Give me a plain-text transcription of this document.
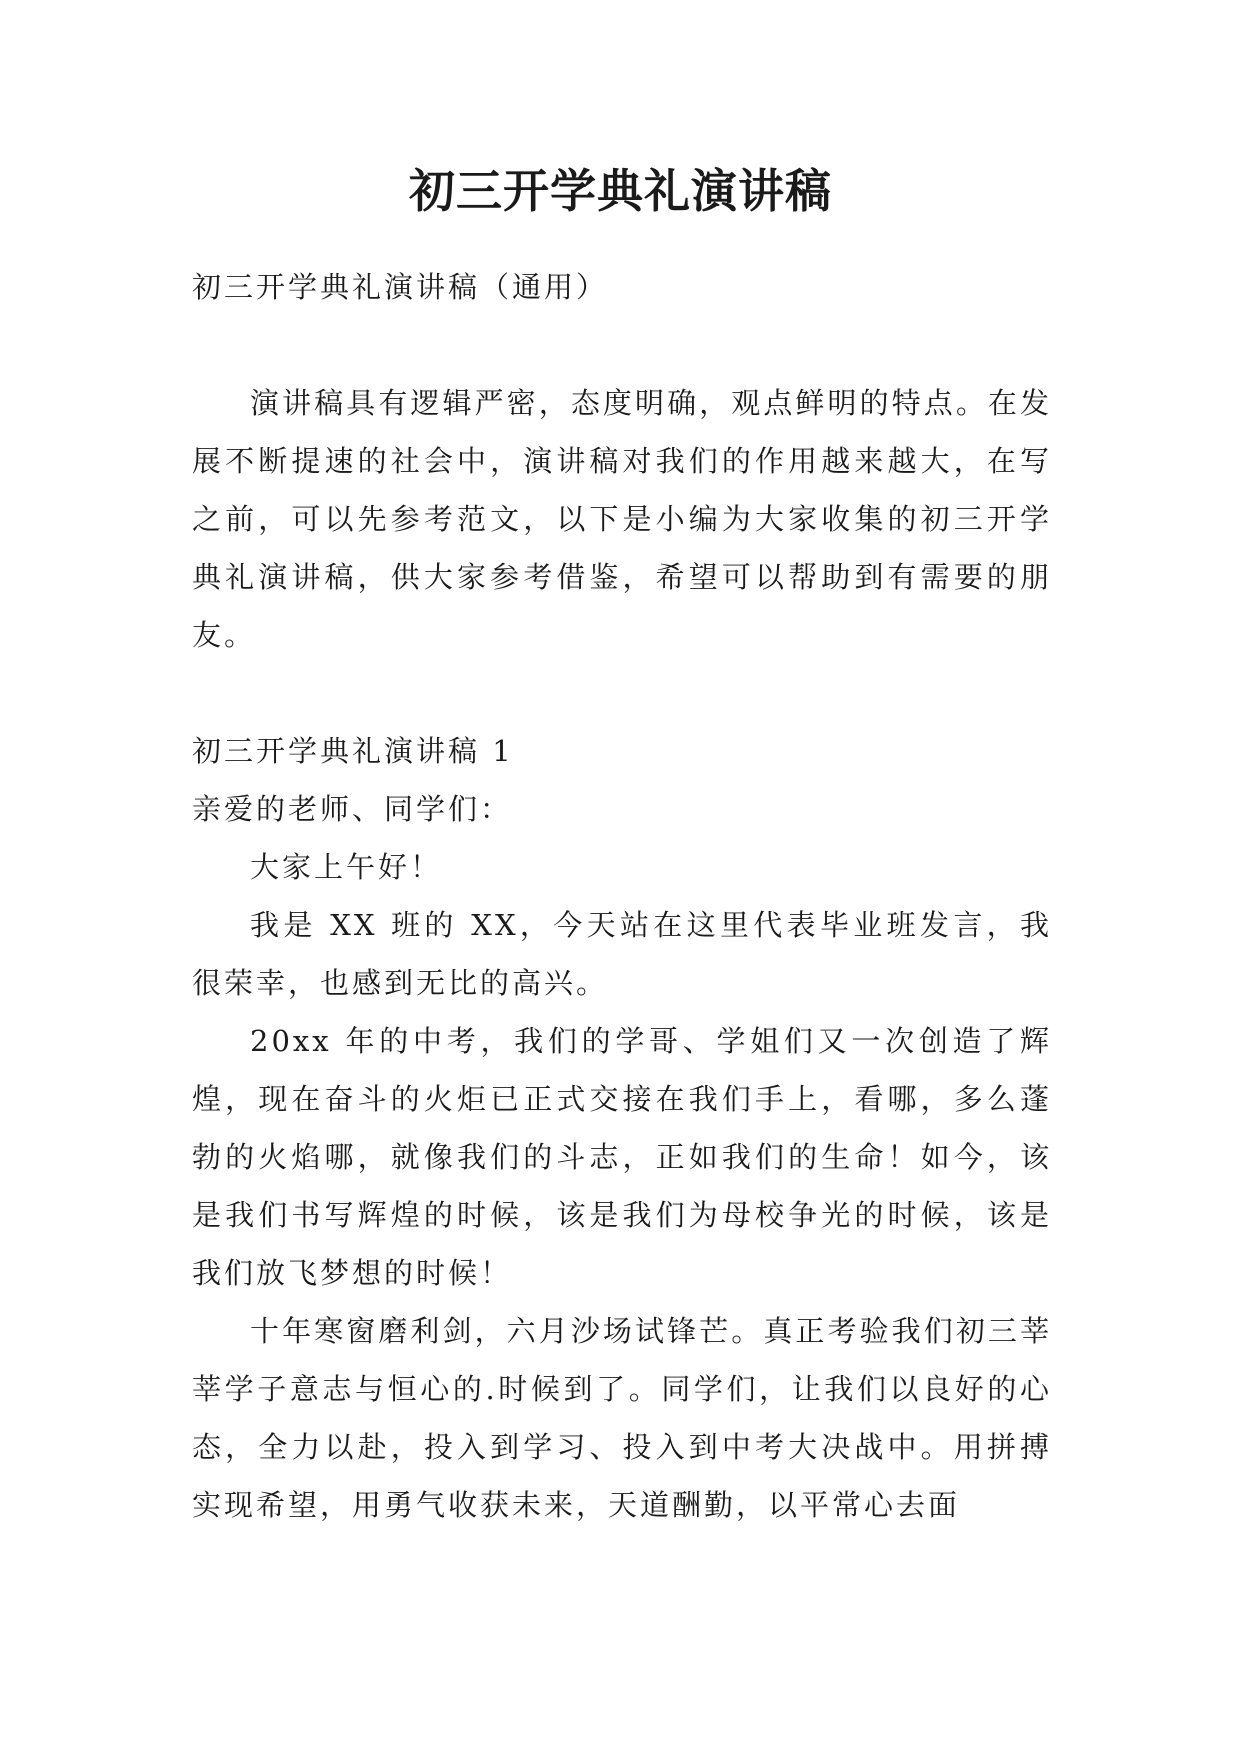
初三开学典礼演讲稿

初三开学典礼演讲稿（通用）

演讲稿具有逻辑严密，态度明确，观点鲜明的特点。在发展不断提速的社会中，演讲稿对我们的作用越来越大，在写之前，可以先参考范文，以下是小编为大家收集的初三开学典礼演讲稿，供大家参考借鉴，希望可以帮助到有需要的朋友。

初三开学典礼演讲稿 1

亲爱的老师、同学们：

大家上午好！

我是 XX 班的 XX，今天站在这里代表毕业班发言，我很荣幸，也感到无比的高兴。

20xx 年的中考，我们的学哥、学姐们又一次创造了辉煌，现在奋斗的火炬已正式交接在我们手上，看哪，多么蓬勃的火焰哪，就像我们的斗志，正如我们的生命！如今，该是我们书写辉煌的时候，该是我们为母校争光的时候，该是我们放飞梦想的时候！

十年寒窗磨利剑，六月沙场试锋芒。真正考验我们初三莘莘学子意志与恒心的.时候到了。同学们，让我们以良好的心态，全力以赴，投入到学习、投入到中考大决战中。用拼搏实现希望，用勇气收获未来，天道酬勤，以平常心去面
